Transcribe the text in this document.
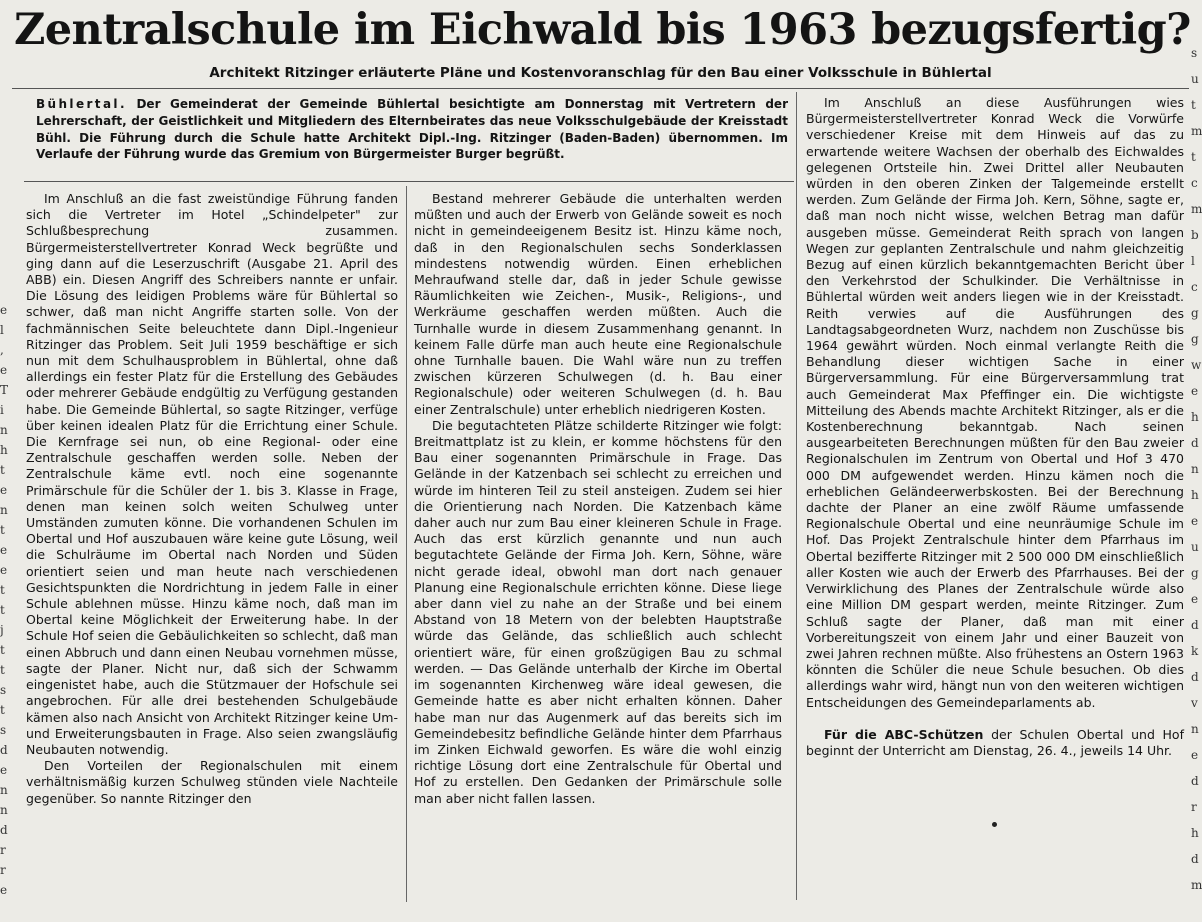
e
l
,
e
T
i
n
h
t
e
n
t
e
e
t
t
j
t
t
s
t
s
d
e
n
n
d
r
r
e
s
u
t
m
t
c
m
b
l
c
g
g
w
e
h
d
n
h
e
u
g
e
d
k
d
v
n
e
d
r
h
d
m
Zentralschule im Eichwald bis 1963 bezugsfertig?
Architekt Ritzinger erläuterte Pläne und Kostenvoranschlag für den Bau einer Volksschule in Bühlertal
Bühlertal. Der Gemeinderat der Gemeinde Bühlertal besichtigte am Donnerstag mit Vertretern der Lehrerschaft, der Geistlichkeit und Mitgliedern des Elternbeirates das neue Volksschulgebäude der Kreisstadt Bühl. Die Führung durch die Schule hatte Architekt Dipl.-Ing. Ritzinger (Baden-Baden) übernommen. Im Verlaufe der Führung wurde das Gremium von Bürgermeister Burger begrüßt.

Im Anschluß an die fast zweistündige Führung fanden sich die Vertreter im Hotel „Schindelpeter" zur Schlußbesprechung zusammen. Bürgermeisterstellvertreter Konrad Weck begrüßte und ging dann auf die Leserzuschrift (Ausgabe 21. April des ABB) ein. Diesen Angriff des Schreibers nannte er unfair. Die Lösung des leidigen Problems wäre für Bühlertal so schwer, daß man nicht Angriffe starten solle. Von der fachmännischen Seite beleuchtete dann Dipl.-Ingenieur Ritzinger das Problem. Seit Juli 1959 beschäftige er sich nun mit dem Schulhausproblem in Bühlertal, ohne daß allerdings ein fester Platz für die Erstellung des Gebäudes oder mehrerer Gebäude endgültig zu Verfügung gestanden habe. Die Gemeinde Bühlertal, so sagte Ritzinger, verfüge über keinen idealen Platz für die Errichtung einer Schule. Die Kernfrage sei nun, ob eine Regional- oder eine Zentralschule geschaffen werden solle. Neben der Zentralschule käme evtl. noch eine sogenannte Primärschule für die Schüler der 1. bis 3. Klasse in Frage, denen man keinen solch weiten Schulweg unter Umständen zumuten könne. Die vorhandenen Schulen im Obertal und Hof auszubauen wäre keine gute Lösung, weil die Schulräume im Obertal nach Norden und Süden orientiert seien und man heute nach verschiedenen Gesichtspunkten die Nordrichtung in jedem Falle in einer Schule ablehnen müsse. Hinzu käme noch, daß man im Obertal keine Möglichkeit der Erweiterung habe. In der Schule Hof seien die Gebäulichkeiten so schlecht, daß man einen Abbruch und dann einen Neubau vornehmen müsse, sagte der Planer. Nicht nur, daß sich der Schwamm eingenistet habe, auch die Stützmauer der Hofschule sei angebrochen. Für alle drei bestehenden Schulgebäude kämen also nach Ansicht von Architekt Ritzinger keine Um- und Erweiterungsbauten in Frage. Also seien zwangsläufig Neubauten notwendig.

Den Vorteilen der Regionalschulen mit einem verhältnismäßig kurzen Schulweg stünden viele Nachteile gegenüber. So nannte Ritzinger den

Bestand mehrerer Gebäude die unterhalten werden müßten und auch der Erwerb von Gelände soweit es noch nicht in gemeindeeigenem Besitz ist. Hinzu käme noch, daß in den Regionalschulen sechs Sonderklassen mindestens notwendig würden. Einen erheblichen Mehraufwand stelle dar, daß in jeder Schule gewisse Räumlichkeiten wie Zeichen-, Musik-, Religions-, und Werkräume geschaffen werden müßten. Auch die Turnhalle wurde in diesem Zusammenhang genannt. In keinem Falle dürfe man auch heute eine Regionalschule ohne Turnhalle bauen. Die Wahl wäre nun zu treffen zwischen kürzeren Schulwegen (d. h. Bau einer Regionalschule) oder weiteren Schulwegen (d. h. Bau einer Zentralschule) unter erheblich niedrigeren Kosten.

Die begutachteten Plätze schilderte Ritzinger wie folgt: Breitmattplatz ist zu klein, er komme höchstens für den Bau einer sogenannten Primärschule in Frage. Das Gelände in der Katzenbach sei schlecht zu erreichen und würde im hinteren Teil zu steil ansteigen. Zudem sei hier die Orientierung nach Norden. Die Katzenbach käme daher auch nur zum Bau einer kleineren Schule in Frage. Auch das erst kürzlich genannte und nun auch begutachtete Gelände der Firma Joh. Kern, Söhne, wäre nicht gerade ideal, obwohl man dort nach genauer Planung eine Regionalschule errichten könne. Diese liege aber dann viel zu nahe an der Straße und bei einem Abstand von 18 Metern von der belebten Hauptstraße würde das Gelände, das schließlich auch schlecht orientiert wäre, für einen großzügigen Bau zu schmal werden. — Das Gelände unterhalb der Kirche im Obertal im sogenannten Kirchenweg wäre ideal gewesen, die Gemeinde hatte es aber nicht erhalten können. Daher habe man nur das Augenmerk auf das bereits sich im Gemeindebesitz befindliche Gelände hinter dem Pfarrhaus im Zinken Eichwald geworfen. Es wäre die wohl einzig richtige Lösung dort eine Zentralschule für Obertal und Hof zu erstellen. Den Gedanken der Primärschule solle man aber nicht fallen lassen.

Im Anschluß an diese Ausführungen wies Bürgermeisterstellvertreter Konrad Weck die Vorwürfe verschiedener Kreise mit dem Hinweis auf das zu erwartende weitere Wachsen der oberhalb des Eichwaldes gelegenen Ortsteile hin. Zwei Drittel aller Neubauten würden in den oberen Zinken der Talgemeinde erstellt werden. Zum Gelände der Firma Joh. Kern, Söhne, sagte er, daß man noch nicht wisse, welchen Betrag man dafür ausgeben müsse. Gemeinderat Reith sprach von langen Wegen zur geplanten Zentralschule und nahm gleichzeitig Bezug auf einen kürzlich bekanntgemachten Bericht über den Verkehrstod der Schulkinder. Die Verhältnisse in Bühlertal würden weit anders liegen wie in der Kreisstadt. Reith verwies auf die Ausführungen des Landtagsabgeordneten Wurz, nachdem non Zuschüsse bis 1964 gewährt würden. Noch einmal verlangte Reith die Behandlung dieser wichtigen Sache in einer Bürgerversammlung. Für eine Bürgerversammlung trat auch Gemeinderat Max Pfeffinger ein. Die wichtigste Mitteilung des Abends machte Architekt Ritzinger, als er die Kostenberechnung bekanntgab. Nach seinen ausgearbeiteten Berechnungen müßten für den Bau zweier Regionalschulen im Zentrum von Obertal und Hof 3 470 000 DM aufgewendet werden. Hinzu kämen noch die erheblichen Geländeerwerbskosten. Bei der Berechnung dachte der Planer an eine zwölf Räume umfassende Regionalschule Obertal und eine neunräumige Schule im Hof. Das Projekt Zentralschule hinter dem Pfarrhaus im Obertal bezifferte Ritzinger mit 2 500 000 DM einschließlich aller Kosten wie auch der Erwerb des Pfarrhauses. Bei der Verwirklichung des Planes der Zentralschule würde also eine Million DM gespart werden, meinte Ritzinger. Zum Schluß sagte der Planer, daß man mit einer Vorbereitungszeit von einem Jahr und einer Bauzeit von zwei Jahren rechnen müßte. Also frühestens an Ostern 1963 könnten die Schüler die neue Schule besuchen. Ob dies allerdings wahr wird, hängt nun von den weiteren wichtigen Entscheidungen des Gemeindeparlaments ab.

Für die ABC-Schützen der Schulen Obertal und Hof beginnt der Unterricht am Dienstag, 26. 4., jeweils 14 Uhr.
